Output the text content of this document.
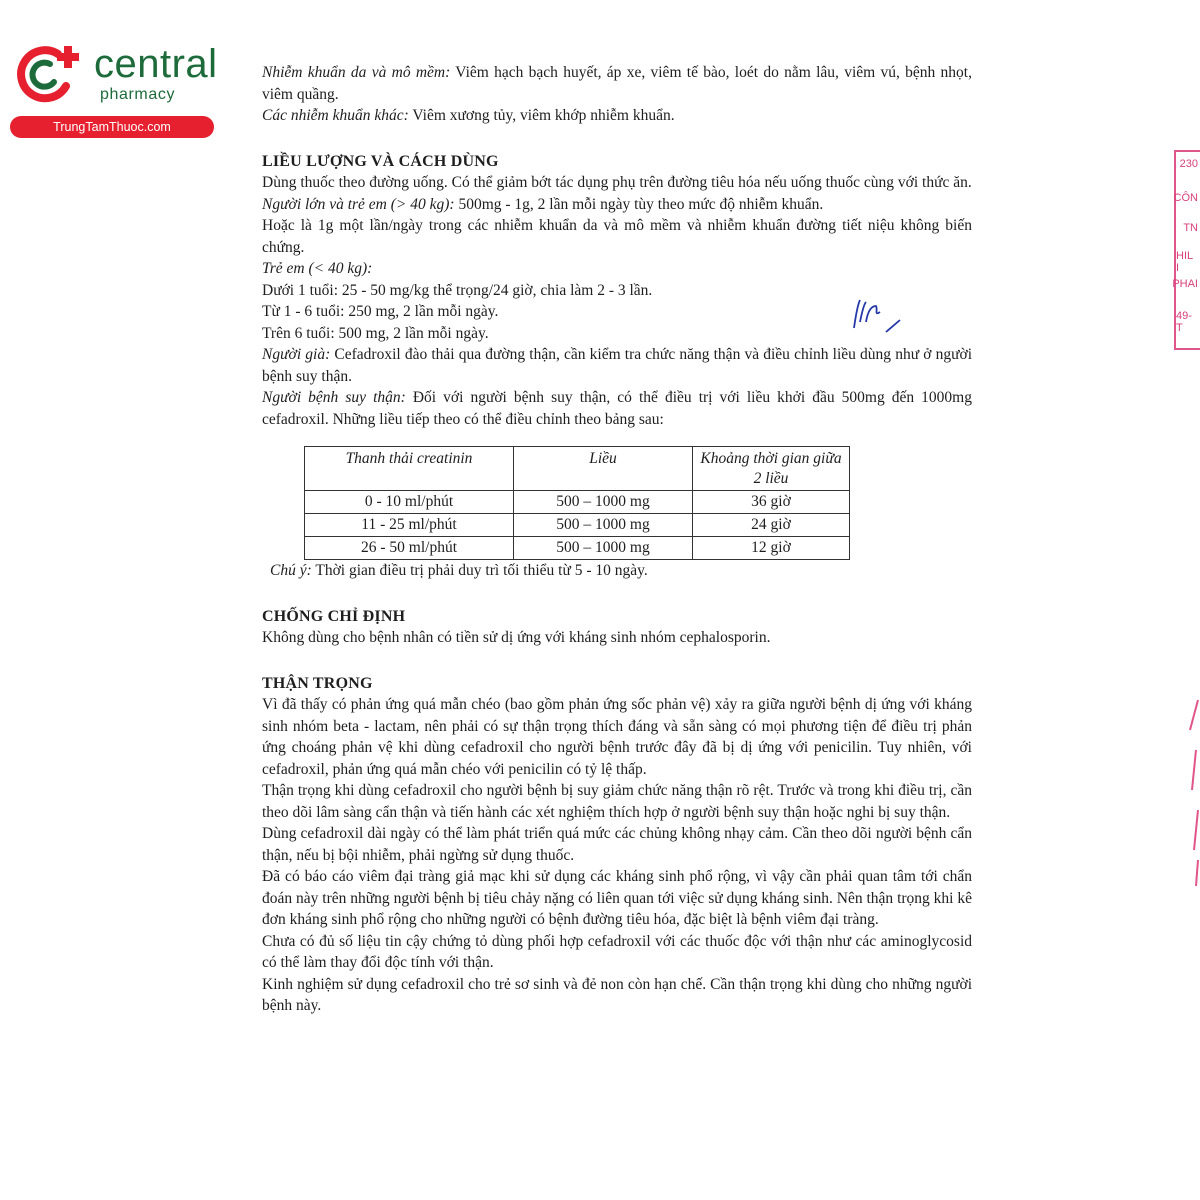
central
pharmacy
TrungTamThuoc.com

Nhiễm khuẩn da và mô mềm: Viêm hạch bạch huyết, áp xe, viêm tế bào, loét do nằm lâu, viêm vú, bệnh nhọt, viêm quầng.

Các nhiễm khuẩn khác: Viêm xương tủy, viêm khớp nhiễm khuẩn.

LIỀU LƯỢNG VÀ CÁCH DÙNG

Dùng thuốc theo đường uống. Có thể giảm bớt tác dụng phụ trên đường tiêu hóa nếu uống thuốc cùng với thức ăn.

Người lớn và trẻ em (> 40 kg): 500mg - 1g, 2 lần mỗi ngày tùy theo mức độ nhiễm khuẩn.

Hoặc là 1g một lần/ngày trong các nhiễm khuẩn da và mô mềm và nhiễm khuẩn đường tiết niệu không biến chứng.

Trẻ em (< 40 kg):

Dưới 1 tuổi: 25 - 50 mg/kg thể trọng/24 giờ, chia làm 2 - 3 lần.

Từ 1 - 6 tuổi: 250 mg, 2 lần mỗi ngày.

Trên 6 tuổi: 500 mg, 2 lần mỗi ngày.

Người già: Cefadroxil đào thải qua đường thận, cần kiểm tra chức năng thận và điều chỉnh liều dùng như ở người bệnh suy thận.

Người bệnh suy thận: Đối với người bệnh suy thận, có thể điều trị với liều khởi đầu 500mg đến 1000mg cefadroxil. Những liều tiếp theo có thể điều chỉnh theo bảng sau:

Thanh thải creatinin	Liều	Khoảng thời gian giữa 2 liều
0 - 10 ml/phút	500 – 1000 mg	36 giờ
11 - 25 ml/phút	500 – 1000 mg	24 giờ
26 - 50 ml/phút	500 – 1000 mg	12 giờ

Chú ý: Thời gian điều trị phải duy trì tối thiểu từ 5 - 10 ngày.

CHỐNG CHỈ ĐỊNH

Không dùng cho bệnh nhân có tiền sử dị ứng với kháng sinh nhóm cephalosporin.

THẬN TRỌNG

Vì đã thấy có phản ứng quá mẫn chéo (bao gồm phản ứng sốc phản vệ) xảy ra giữa người bệnh dị ứng với kháng sinh nhóm beta - lactam, nên phải có sự thận trọng thích đáng và sẵn sàng có mọi phương tiện để điều trị phản ứng choáng phản vệ khi dùng cefadroxil cho người bệnh trước đây đã bị dị ứng với penicilin. Tuy nhiên, với cefadroxil, phản ứng quá mẫn chéo với penicilin có tỷ lệ thấp.

Thận trọng khi dùng cefadroxil cho người bệnh bị suy giảm chức năng thận rõ rệt. Trước và trong khi điều trị, cần theo dõi lâm sàng cẩn thận và tiến hành các xét nghiệm thích hợp ở người bệnh suy thận hoặc nghi bị suy thận.

Dùng cefadroxil dài ngày có thể làm phát triển quá mức các chủng không nhạy cảm. Cần theo dõi người bệnh cẩn thận, nếu bị bội nhiễm, phải ngừng sử dụng thuốc.

Đã có báo cáo viêm đại tràng giả mạc khi sử dụng các kháng sinh phổ rộng, vì vậy cần phải quan tâm tới chẩn đoán này trên những người bệnh bị tiêu chảy nặng có liên quan tới việc sử dụng kháng sinh. Nên thận trọng khi kê đơn kháng sinh phổ rộng cho những người có bệnh đường tiêu hóa, đặc biệt là bệnh viêm đại tràng.

Chưa có đủ số liệu tin cậy chứng tỏ dùng phối hợp cefadroxil với các thuốc độc với thận như các aminoglycosid có thể làm thay đổi độc tính với thận.

Kinh nghiệm sử dụng cefadroxil cho trẻ sơ sinh và đẻ non còn hạn chế. Cần thận trọng khi dùng cho những người bệnh này.

230
CÔN
TN
HIL I
PHAI
49-T
